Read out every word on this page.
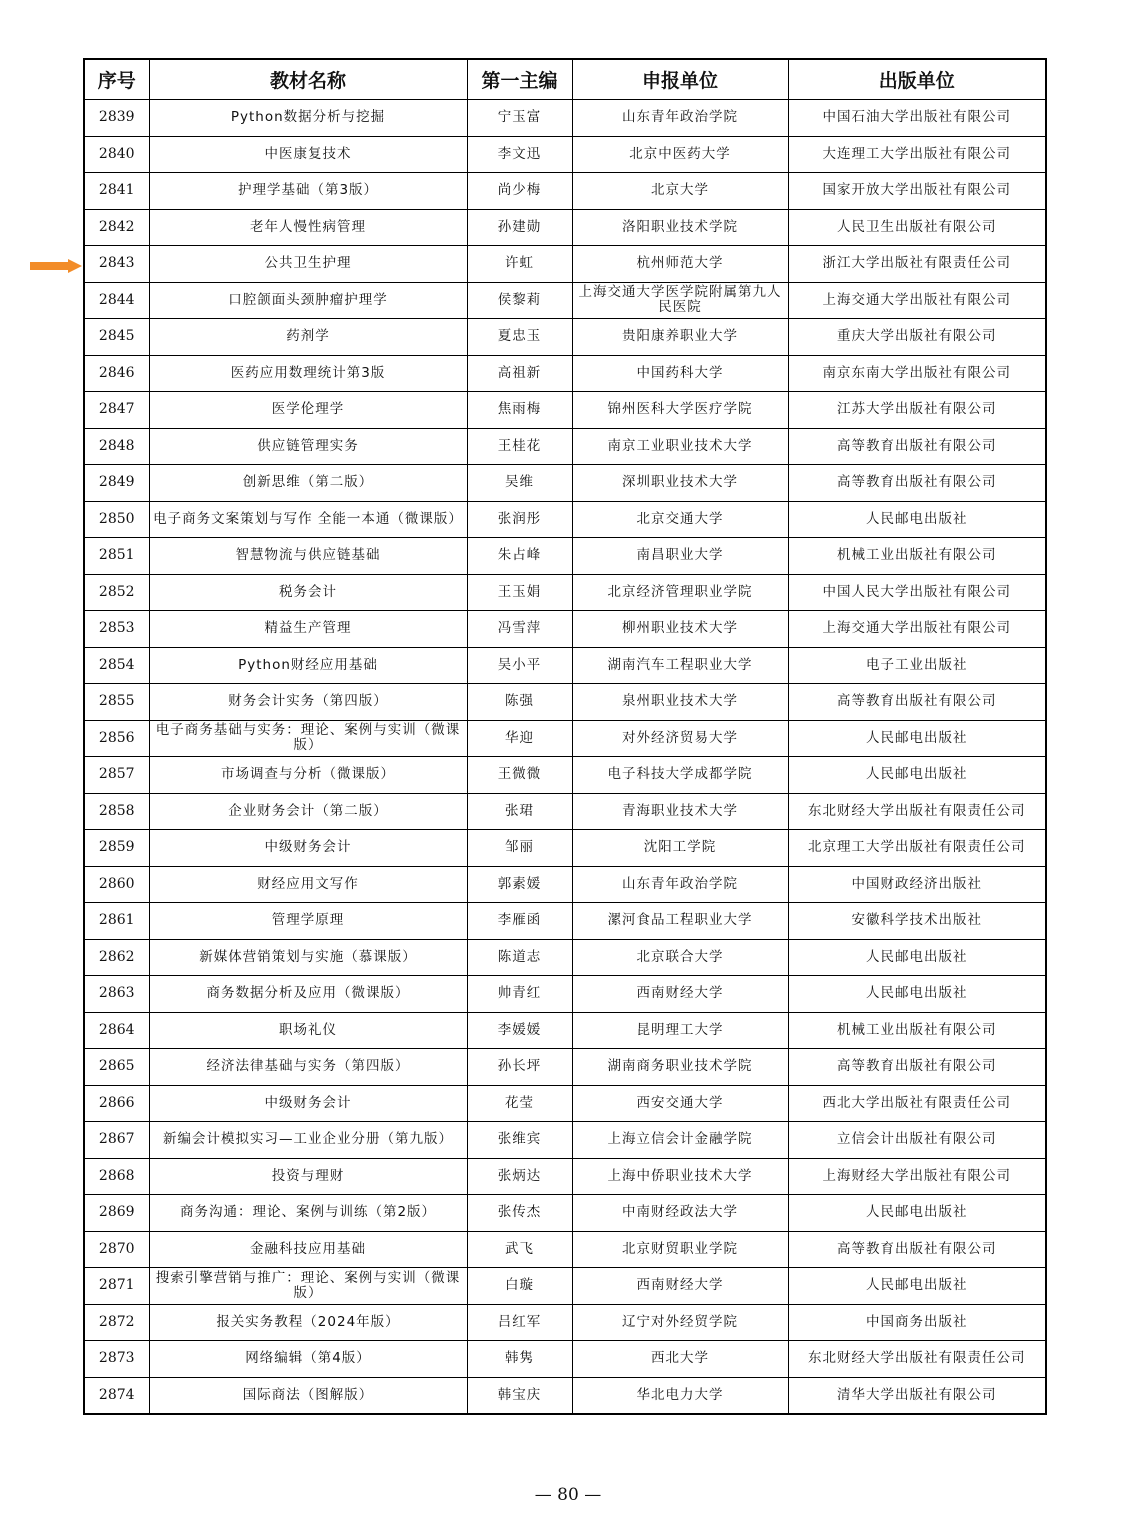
序号	教材名称	第一主编	申报单位	出版单位
2839	Python数据分析与挖掘	宁玉富	山东青年政治学院	中国石油大学出版社有限公司
2840	中医康复技术	李文迅	北京中医药大学	大连理工大学出版社有限公司
2841	护理学基础（第3版）	尚少梅	北京大学	国家开放大学出版社有限公司
2842	老年人慢性病管理	孙建勋	洛阳职业技术学院	人民卫生出版社有限公司
2843	公共卫生护理	许虹	杭州师范大学	浙江大学出版社有限责任公司
2844	口腔颌面头颈肿瘤护理学	侯黎莉	上海交通大学医学院附属第九人民医院	上海交通大学出版社有限公司
2845	药剂学	夏忠玉	贵阳康养职业大学	重庆大学出版社有限公司
2846	医药应用数理统计第3版	高祖新	中国药科大学	南京东南大学出版社有限公司
2847	医学伦理学	焦雨梅	锦州医科大学医疗学院	江苏大学出版社有限公司
2848	供应链管理实务	王桂花	南京工业职业技术大学	高等教育出版社有限公司
2849	创新思维（第二版）	吴维	深圳职业技术大学	高等教育出版社有限公司
2850	电子商务文案策划与写作 全能一本通（微课版）	张润彤	北京交通大学	人民邮电出版社
2851	智慧物流与供应链基础	朱占峰	南昌职业大学	机械工业出版社有限公司
2852	税务会计	王玉娟	北京经济管理职业学院	中国人民大学出版社有限公司
2853	精益生产管理	冯雪萍	柳州职业技术大学	上海交通大学出版社有限公司
2854	Python财经应用基础	吴小平	湖南汽车工程职业大学	电子工业出版社
2855	财务会计实务（第四版）	陈强	泉州职业技术大学	高等教育出版社有限公司
2856	电子商务基础与实务：理论、案例与实训（微课版）	华迎	对外经济贸易大学	人民邮电出版社
2857	市场调查与分析（微课版）	王微微	电子科技大学成都学院	人民邮电出版社
2858	企业财务会计（第二版）	张珺	青海职业技术大学	东北财经大学出版社有限责任公司
2859	中级财务会计	邹丽	沈阳工学院	北京理工大学出版社有限责任公司
2860	财经应用文写作	郭素媛	山东青年政治学院	中国财政经济出版社
2861	管理学原理	李雁函	漯河食品工程职业大学	安徽科学技术出版社
2862	新媒体营销策划与实施（慕课版）	陈道志	北京联合大学	人民邮电出版社
2863	商务数据分析及应用（微课版）	帅青红	西南财经大学	人民邮电出版社
2864	职场礼仪	李媛媛	昆明理工大学	机械工业出版社有限公司
2865	经济法律基础与实务（第四版）	孙长坪	湖南商务职业技术学院	高等教育出版社有限公司
2866	中级财务会计	花莹	西安交通大学	西北大学出版社有限责任公司
2867	新编会计模拟实习—工业企业分册（第九版）	张维宾	上海立信会计金融学院	立信会计出版社有限公司
2868	投资与理财	张炳达	上海中侨职业技术大学	上海财经大学出版社有限公司
2869	商务沟通：理论、案例与训练（第2版）	张传杰	中南财经政法大学	人民邮电出版社
2870	金融科技应用基础	武飞	北京财贸职业学院	高等教育出版社有限公司
2871	搜索引擎营销与推广：理论、案例与实训（微课版）	白璇	西南财经大学	人民邮电出版社
2872	报关实务教程（2024年版）	吕红军	辽宁对外经贸学院	中国商务出版社
2873	网络编辑（第4版）	韩隽	西北大学	东北财经大学出版社有限责任公司
2874	国际商法（图解版）	韩宝庆	华北电力大学	清华大学出版社有限公司
— 80 —
